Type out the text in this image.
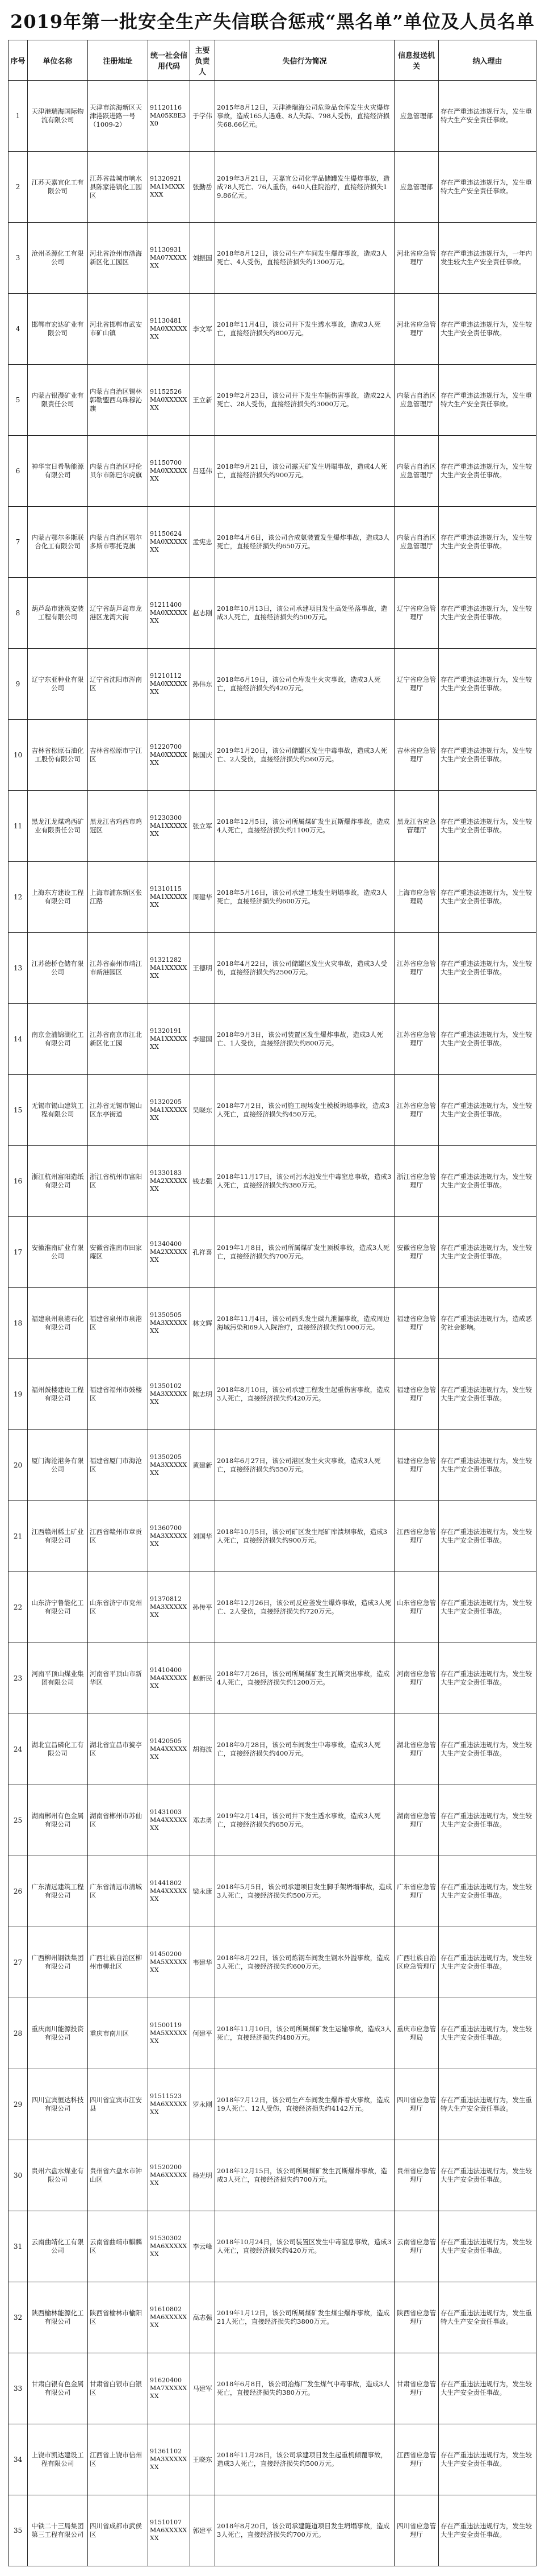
2019年第一批安全生产失信联合惩戒“黑名单”单位及人员名单
序号	单位名称	注册地址	统一社会信用代码	主要负责人	失信行为简况	信息报送机关	纳入理由
1	天津港瑞海国际物流有限公司	天津市滨海新区天津港跃进路一号（1009-2）	91120116MA05K8E3X0	于学伟	2015年8月12日，天津港瑞海公司危险品仓库发生火灾爆炸事故，造成165人遇难、8人失踪、798人受伤，直接经济损失68.66亿元。	应急管理部	存在严重违法违规行为，发生重特大生产安全责任事故。
2	江苏天嘉宜化工有限公司	江苏省盐城市响水县陈家港镇化工园区	91320921MA1MXXXXXX	张勤岳	2019年3月21日，天嘉宜公司化学品储罐发生爆炸事故，造成78人死亡、76人重伤，640人住院治疗，直接经济损失19.86亿元。	应急管理部	存在严重违法违规行为，发生重特大生产安全责任事故。
3	沧州圣源化工有限公司	河北省沧州市渤海新区化工园区	91130931MA07XXXXXX	刘振国	2018年8月12日，该公司生产车间发生爆炸事故，造成3人死亡、4人受伤，直接经济损失约1300万元。	河北省应急管理厅	存在严重违法违规行为，一年内发生较大生产安全责任事故。
4	邯郸市宏达矿业有限公司	河北省邯郸市武安市矿山镇	91130481MA0XXXXXXX	李文军	2018年11月4日，该公司井下发生透水事故，造成3人死亡，直接经济损失约800万元。	河北省应急管理厅	存在严重违法违规行为，发生较大生产安全责任事故。
5	内蒙古银漫矿业有限责任公司	内蒙古自治区锡林郭勒盟西乌珠穆沁旗	91152526MA0XXXXXXX	王立新	2019年2月23日，该公司井下发生车辆伤害事故，造成22人死亡、28人受伤，直接经济损失约3000万元。	内蒙古自治区应急管理厅	存在严重违法违规行为，发生重特大生产安全责任事故。
6	神华宝日希勒能源有限公司	内蒙古自治区呼伦贝尔市陈巴尔虎旗	91150700MA0XXXXXXX	吕廷伟	2018年9月21日，该公司露天矿发生坍塌事故，造成4人死亡，直接经济损失约900万元。	内蒙古自治区应急管理厅	存在严重违法违规行为，发生较大生产安全责任事故。
7	内蒙古鄂尔多斯联合化工有限公司	内蒙古自治区鄂尔多斯市鄂托克旗	91150624MA0XXXXXXX	孟宪忠	2018年4月6日，该公司合成氨装置发生爆炸事故，造成3人死亡，直接经济损失约650万元。	内蒙古自治区应急管理厅	存在严重违法违规行为，发生较大生产安全责任事故。
8	葫芦岛市建筑安装工程有限公司	辽宁省葫芦岛市龙港区龙湾大街	91211400MA0XXXXXXX	赵志刚	2018年10月13日，该公司承建项目发生高处坠落事故，造成3人死亡，直接经济损失约500万元。	辽宁省应急管理厅	存在严重违法违规行为，发生较大生产安全责任事故。
9	辽宁东亚种业有限公司	辽宁省沈阳市浑南区	91210112MA0XXXXXXX	孙伟东	2018年6月19日，该公司仓库发生火灾事故，造成3人死亡，直接经济损失约420万元。	辽宁省应急管理厅	存在严重违法违规行为，发生较大生产安全责任事故。
10	吉林省松原石油化工股份有限公司	吉林省松原市宁江区	91220700MA0XXXXXXX	陈国庆	2019年1月20日，该公司储罐区发生中毒事故，造成3人死亡、2人受伤，直接经济损失约560万元。	吉林省应急管理厅	存在严重违法违规行为，发生较大生产安全责任事故。
11	黑龙江龙煤鸡西矿业有限责任公司	黑龙江省鸡西市鸡冠区	91230300MA1XXXXXXX	张立军	2018年12月5日，该公司所属煤矿发生瓦斯爆炸事故，造成4人死亡，直接经济损失约1100万元。	黑龙江省应急管理厅	存在严重违法违规行为，发生较大生产安全责任事故。
12	上海东方建设工程有限公司	上海市浦东新区张江路	91310115MA1XXXXXXX	周建华	2018年5月16日，该公司承建工地发生坍塌事故，造成3人死亡，直接经济损失约600万元。	上海市应急管理局	存在严重违法违规行为，发生较大生产安全责任事故。
13	江苏德桥仓储有限公司	江苏省泰州市靖江市新港园区	91321282MA1XXXXXXX	王德明	2018年4月22日，该公司储罐区发生火灾事故，造成3人受伤，直接经济损失约2500万元。	江苏省应急管理厅	存在严重违法违规行为，发生较大生产安全责任事故。
14	南京金浦锦湖化工有限公司	江苏省南京市江北新区化工园	91320191MA1XXXXXXX	李建国	2018年9月3日，该公司装置区发生爆炸事故，造成3人死亡、1人受伤，直接经济损失约800万元。	江苏省应急管理厅	存在严重违法违规行为，发生较大生产安全责任事故。
15	无锡市锡山建筑工程有限公司	江苏省无锡市锡山区东亭街道	91320205MA1XXXXXXX	吴晓东	2018年7月2日，该公司施工现场发生模板坍塌事故，造成3人死亡，直接经济损失约450万元。	江苏省应急管理厅	存在严重违法违规行为，发生较大生产安全责任事故。
16	浙江杭州富阳造纸有限公司	浙江省杭州市富阳区	91330183MA2XXXXXXX	钱志强	2018年11月17日，该公司污水池发生中毒窒息事故，造成3人死亡，直接经济损失约380万元。	浙江省应急管理厅	存在严重违法违规行为，发生较大生产安全责任事故。
17	安徽淮南矿业有限公司	安徽省淮南市田家庵区	91340400MA2XXXXXXX	孔祥喜	2019年1月8日，该公司所属煤矿发生顶板事故，造成3人死亡，直接经济损失约700万元。	安徽省应急管理厅	存在严重违法违规行为，发生较大生产安全责任事故。
18	福建泉州泉港石化有限公司	福建省泉州市泉港区	91350505MA3XXXXXXX	林文辉	2018年11月4日，该公司码头发生碳九泄漏事故，造成周边海域污染和69人入院治疗，直接经济损失约1000万元。	福建省应急管理厅	存在严重违法违规行为，造成恶劣社会影响。
19	福州鼓楼建设工程有限公司	福建省福州市鼓楼区	91350102MA3XXXXXXX	陈志明	2018年8月10日，该公司承建工程发生起重伤害事故，造成3人死亡，直接经济损失约420万元。	福建省应急管理厅	存在严重违法违规行为，发生较大生产安全责任事故。
20	厦门海沧港务有限公司	福建省厦门市海沧区	91350205MA3XXXXXXX	黄建新	2018年6月27日，该公司港区发生火灾事故，造成3人死亡，直接经济损失约550万元。	福建省应急管理厅	存在严重违法违规行为，发生较大生产安全责任事故。
21	江西赣州稀土矿业有限公司	江西省赣州市章贡区	91360700MA3XXXXXXX	刘国华	2018年10月5日，该公司矿区发生尾矿库溃坝事故，造成3人死亡，直接经济损失约900万元。	江西省应急管理厅	存在严重违法违规行为，发生较大生产安全责任事故。
22	山东济宁鲁能化工有限公司	山东省济宁市兖州区	91370812MA3XXXXXXX	孙传平	2018年12月26日，该公司反应釜发生爆炸事故，造成3人死亡、2人受伤，直接经济损失约720万元。	山东省应急管理厅	存在严重违法违规行为，发生较大生产安全责任事故。
23	河南平顶山煤业集团有限公司	河南省平顶山市新华区	91410400MA4XXXXXXX	赵新民	2018年7月26日，该公司所属煤矿发生瓦斯突出事故，造成4人死亡，直接经济损失约1200万元。	河南省应急管理厅	存在严重违法违规行为，发生较大生产安全责任事故。
24	湖北宜昌磷化工有限公司	湖北省宜昌市猇亭区	91420505MA4XXXXXXX	胡海波	2018年9月28日，该公司车间发生中毒事故，造成3人死亡，直接经济损失约400万元。	湖北省应急管理厅	存在严重违法违规行为，发生较大生产安全责任事故。
25	湖南郴州有色金属有限公司	湖南省郴州市苏仙区	91431003MA4XXXXXXX	邓志勇	2019年2月14日，该公司井下发生透水事故，造成3人死亡，直接经济损失约650万元。	湖南省应急管理厅	存在严重违法违规行为，发生较大生产安全责任事故。
26	广东清远建筑工程有限公司	广东省清远市清城区	91441802MA4XXXXXXX	梁永康	2018年5月5日，该公司承建项目发生脚手架坍塌事故，造成3人死亡，直接经济损失约500万元。	广东省应急管理厅	存在严重违法违规行为，发生较大生产安全责任事故。
27	广西柳州钢铁集团有限公司	广西壮族自治区柳州市柳北区	91450200MA5XXXXXXX	韦建华	2018年8月22日，该公司炼钢车间发生钢水外溢事故，造成3人死亡，直接经济损失约600万元。	广西壮族自治区应急管理厅	存在严重违法违规行为，发生较大生产安全责任事故。
28	重庆南川能源投资有限公司	重庆市南川区	91500119MA5XXXXXXX	何建平	2018年11月10日，该公司所属煤矿发生运输事故，造成3人死亡，直接经济损失约480万元。	重庆市应急管理局	存在严重违法违规行为，发生较大生产安全责任事故。
29	四川宜宾恒达科技有限公司	四川省宜宾市江安县	91511523MA6XXXXXXX	罗永刚	2018年7月12日，该公司生产车间发生爆炸着火事故，造成19人死亡、12人受伤，直接经济损失约4142万元。	四川省应急管理厅	存在严重违法违规行为，发生重特大生产安全责任事故。
30	贵州六盘水煤业有限公司	贵州省六盘水市钟山区	91520200MA6XXXXXXX	杨光明	2018年12月15日，该公司所属煤矿发生瓦斯爆炸事故，造成3人死亡，直接经济损失约700万元。	贵州省应急管理厅	存在严重违法违规行为，发生较大生产安全责任事故。
31	云南曲靖化工有限公司	云南省曲靖市麒麟区	91530302MA6XXXXXXX	李云峰	2018年10月24日，该公司装置区发生中毒窒息事故，造成3人死亡，直接经济损失约420万元。	云南省应急管理厅	存在严重违法违规行为，发生较大生产安全责任事故。
32	陕西榆林能源化工有限公司	陕西省榆林市榆阳区	91610802MA6XXXXXXX	高志强	2019年1月12日，该公司所属煤矿发生煤尘爆炸事故，造成21人死亡，直接经济损失约3800万元。	陕西省应急管理厅	存在严重违法违规行为，发生重特大生产安全责任事故。
33	甘肃白银有色金属有限公司	甘肃省白银市白银区	91620400MA7XXXXXXX	马建军	2018年6月8日，该公司冶炼厂发生煤气中毒事故，造成3人死亡，直接经济损失约380万元。	甘肃省应急管理厅	存在严重违法违规行为，发生较大生产安全责任事故。
34	上饶市凯达建设工程有限公司	江西省上饶市信州区	91361102MA3XXXXXXX	王晓东	2018年11月28日，该公司承建项目发生起重机倾覆事故，造成3人死亡，直接经济损失约500万元。	江西省应急管理厅	存在严重违法违规行为，发生较大生产安全责任事故。
35	中铁二十三局集团第三工程有限公司	四川省成都市武侯区	91510107MA6XXXXXXX	郭建平	2018年8月20日，该公司承建隧道项目发生坍塌事故，造成3人死亡，直接经济损失约700万元。	四川省应急管理厅	存在严重违法违规行为，发生较大生产安全责任事故。
